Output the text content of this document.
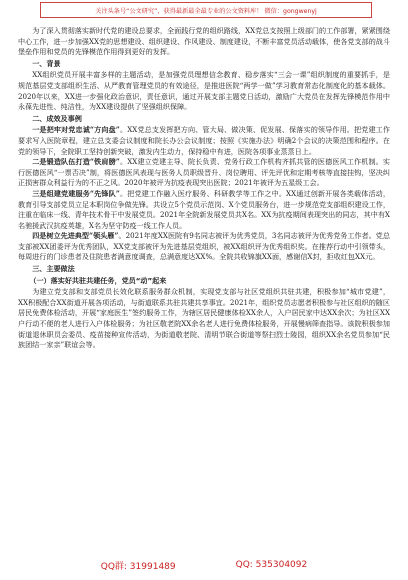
关注头条号“公文研究”，获得最新最全最专业的公文资料库！ 微信：gongwenyj

为了深入贯彻落实新时代党的建设总要求，全面践行党的组织路线，XX党总支按照上级部门的工作部署，紧紧围绕中心工作，进一步加强XX党的思想建设、组织建设、作风建设、制度建设，不断丰富党员活动载体，使各党支部的战斗堡垒作用和党员的先锋模范作用得到更好的发挥。

一、背景

XX组织党员开展丰富多样的主题活动，是加强党员理想信念教育、稳步落实“三会一课”组织制度的重要抓手，是规范基层党支部组织生活、从严教育管理党员的有效途径，是推进医院“两学一做”学习教育常态化制度化的基本载体。2020年以来，XX进一步强化政治意识，责任意识，通过开展支部主题党日活动，激励广大党员在发挥先锋模范作用中永葆先进性、纯洁性，为XX建设提供了坚强组织保障。

二、成效及事例

一是把牢对党忠诚“方向盘”。XX党总支发挥把方向、管大局、做决策、促发展、保落实的领导作用。把党建工作要求写入医院章程，建立总支委会议制度和院长办公会议制度；按照《实施办法》明确2个会议的决策范围和程序。在党的领导下，全院职工坚持创新突破，激发内生动力，保持稳中有进，医院各项事业蒸蒸日上。

二是锻造队伍打造“铁肩膀”。XX建立党建主导、院长负责、党务行政工作机构齐抓共管的医德医风工作机制。实行医德医风“一票否决”制，将医德医风表现与医务人员职级晋升、岗位聘用、评先评优和定期考核等直接挂钩，坚决纠正损害群众利益行为的不正之风。2020年被评为抗疫表现突出医院；2021年被评为五星级工会。

三是组建党建服务“先锋队”。把党建工作融入医疗服务、科研教学等工作之中。XX通过创新开展各类载体活动，教育引导支部党员立足本职岗位争做先锋。共设立5个党员示范岗、X个党员服务台，进一步规范党支部组织建设工作，注重在临床一线、青年技术骨干中发展党员。2021年全院新发展党员共X名。XX为抗疫期间表现突出的同志，其中有X名驰援武汉抗疫英雄，X名为坚守防疫一线工作人员。

四是树立先进典型“领头雁”。2021年度XX医院有9名同志被评为优秀党员，3名同志被评为优秀党务工作者。党总支部被XX团委评为优秀团队，XX党支部被评为先进基层党组织，被XX组织评为优秀组织奖。在推荐行动中引领带头，每周进行的门诊患者及住院患者满意度调查，总满意度达XX%。全院共收锦旗XX面，感谢信X封，拒收红包XX元。

三、主要做法

（一）落实好共驻共建任务，党员“动”起来

为建立党支部和支部党员长效化联系服务群众机制，实现党支部与社区党组织共驻共建，积极参加“城市党建”，XX积极配合XX街道开展各项活动，与街道联系共驻共建共享事宜。2021年，组织党员志愿者积极参与社区组织的随区居民免费体检活动，开展“家庭医生”签约服务工作，为辖区居民健康体检XX余人，入户居民家中达XX余次；为社区XX户行动不便的老人进行入户体检服务；为社区敬老院XX余名老人进行免费体检服务，开展慢病筛查指导。该院积极参加街道退休职员会委员、疫苗接种宣传活动，为街道敬老院、清明节联合街道等祭扫烈士陵园，组织XX余名党员参加“民族团结一家亲”联谊会等。

QQ群: 31991489	QQ: 535304092
